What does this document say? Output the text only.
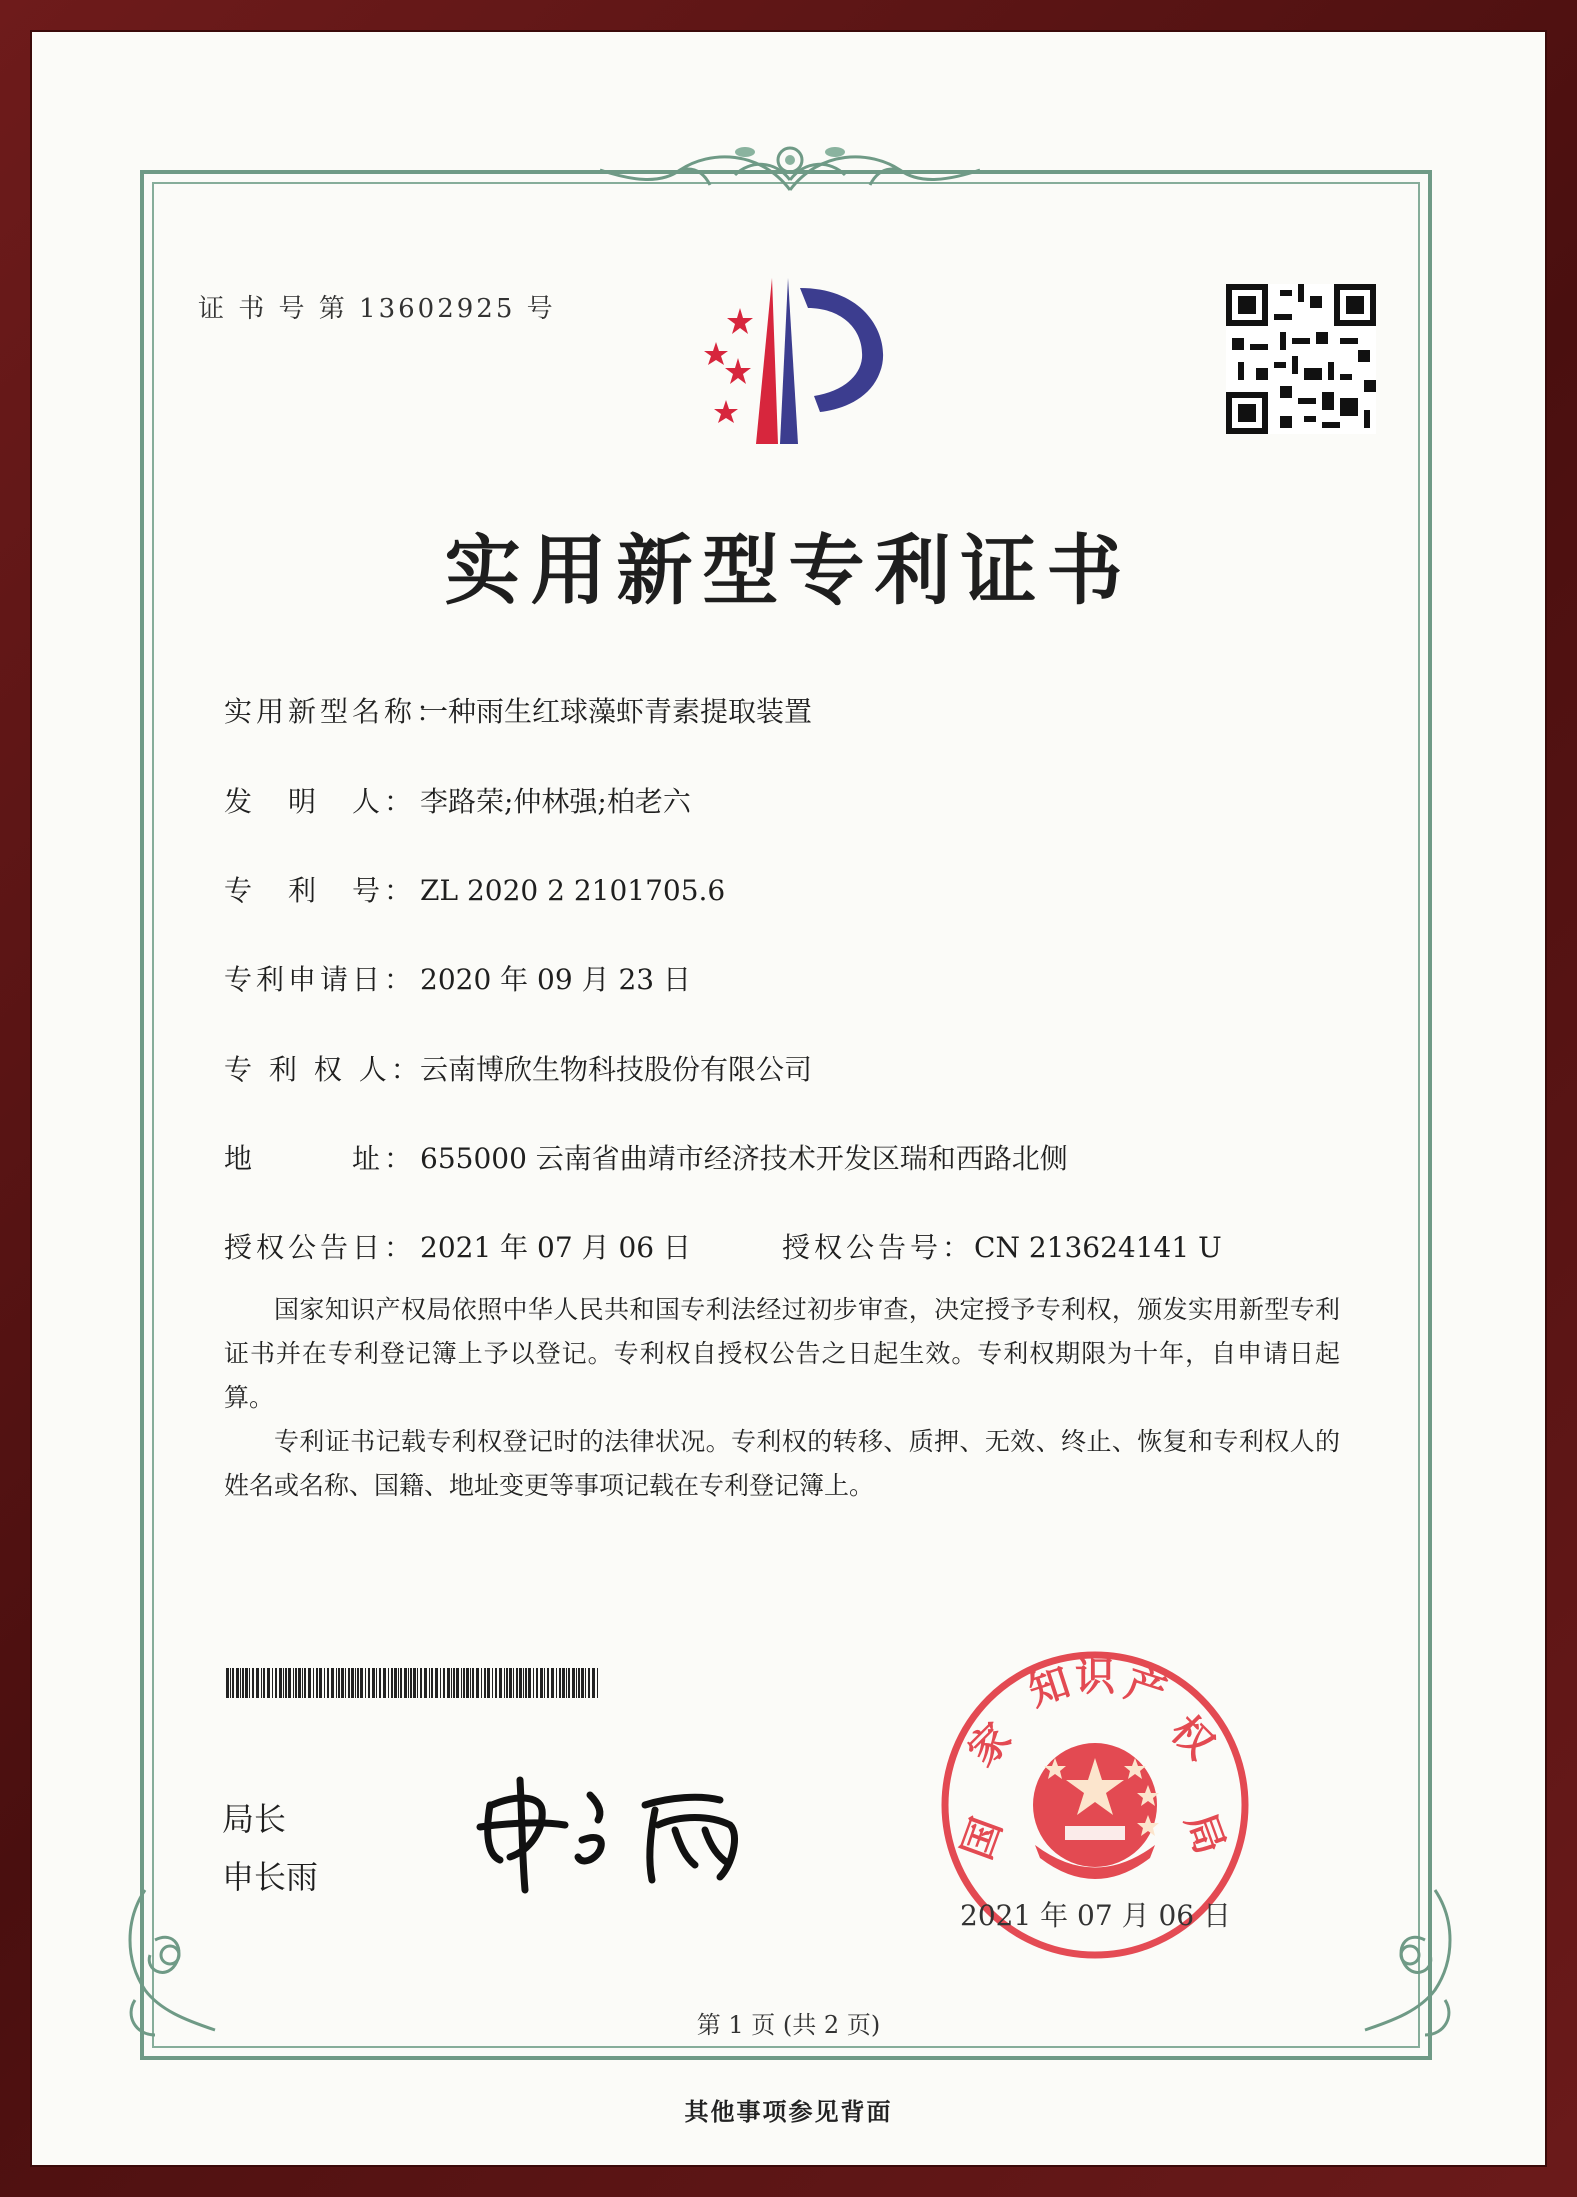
证 书 号 第 13602925 号
实用新型专利证书
实用新型名称：一种雨生红球藻虾青素提取装置
发　明　人： 李路荣;仲林强;柏老六
专　利　号： ZL 2020 2 2101705.6
专利申请日： 2020 年 09 月 23 日
专 利 权 人：云南博欣生物科技股份有限公司
地　　　址： 655000 云南省曲靖市经济技术开发区瑞和西路北侧
授权公告日： 2021 年 07 月 06 日	授权公告号：CN 213624141 U

国家知识产权局依照中华人民共和国专利法经过初步审查，决定授予专利权，颁发实用新型专利证书并在专利登记簿上予以登记。专利权自授权公告之日起生效。专利权期限为十年，自申请日起算。

专利证书记载专利权登记时的法律状况。专利权的转移、质押、无效、终止、恢复和专利权人的姓名或名称、国籍、地址变更等事项记载在专利登记簿上。

局长
申长雨
国
家
知 识 产
权
局
2021 年 07 月 06 日
第 1 页 (共 2 页)
其他事项参见背面
